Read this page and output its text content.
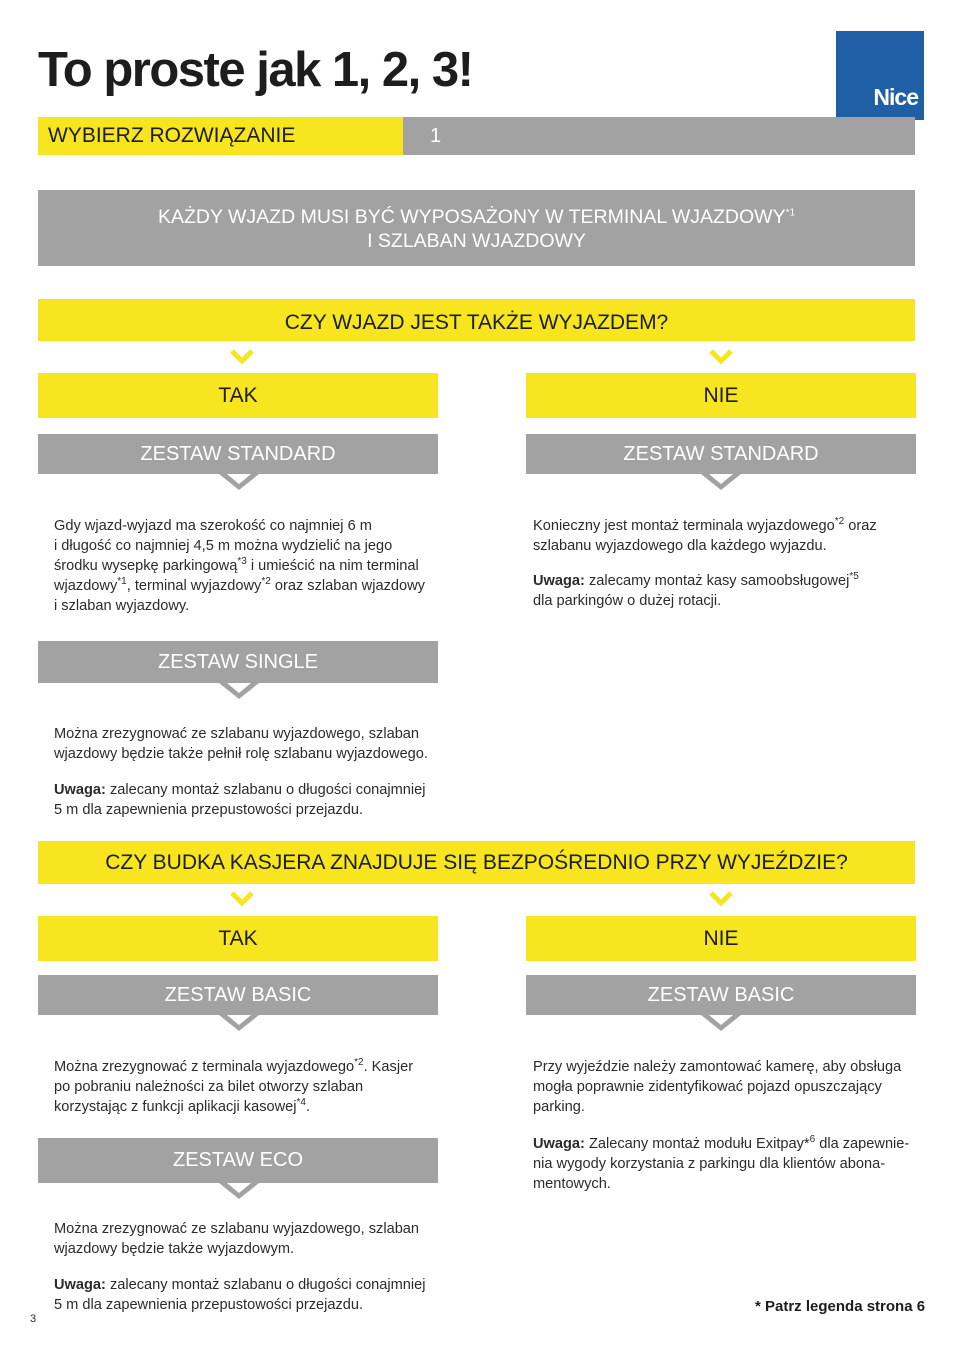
To proste jak 1, 2, 3!	Nice
WYBIERZ ROZWIĄZANIE	1
KAŻDY WJAZD MUSI BYĆ WYPOSAŻONY W TERMINAL WJAZDOWY$^{*1}$
I SZLABAN WJAZDOWY
CZY WJAZD JEST TAKŻE WYJAZDEM?
TAK	NIE
ZESTAW STANDARD	ZESTAW STANDARD
Gdy wjazd-wyjazd ma szerokość co najmniej 6 m
i długość co najmniej 4,5 m można wydzielić na jego
środku wysepkę parkingową$^{*3}$ i umieścić na nim terminal
wjazdowy$^{*1}$, terminal wyjazdowy$^{*2}$ oraz szlaban wjazdowy
i szlaban wyjazdowy.
Konieczny jest montaż terminala wyjazdowego$^{*2}$ oraz
szlabanu wyjazdowego dla każdego wyjazdu.
Uwaga: zalecamy montaż kasy samoobsługowej$^{*5}$
dla parkingów o dużej rotacji.
ZESTAW SINGLE
Można zrezygnować ze szlabanu wyjazdowego, szlaban
wjazdowy będzie także pełnił rolę szlabanu wyjazdowego.
Uwaga: zalecany montaż szlabanu o długości conajmniej
5 m dla zapewnienia przepustowości przejazdu.
CZY BUDKA KASJERA ZNAJDUJE SIĘ BEZPOŚREDNIO PRZY WYJEŹDZIE?
TAK	NIE
ZESTAW BASIC	ZESTAW BASIC
Można zrezygnować z terminala wyjazdowego$^{*2}$. Kasjer
po pobraniu należności za bilet otworzy szlaban
korzystając z funkcji aplikacji kasowej$^{*4}$.
Przy wyjeździe należy zamontować kamerę, aby obsługa
mogła poprawnie zidentyfikować pojazd opuszczający
parking.
Uwaga: Zalecany montaż modułu Exitpay*$^6$ dla zapewnie-
nia wygody korzystania z parkingu dla klientów abona-
mentowych.
ZESTAW ECO
Można zrezygnować ze szlabanu wyjazdowego, szlaban
wjazdowy będzie także wyjazdowym.
Uwaga: zalecany montaż szlabanu o długości conajmniej
5 m dla zapewnienia przepustowości przejazdu.	* Patrz legenda strona 6
3
